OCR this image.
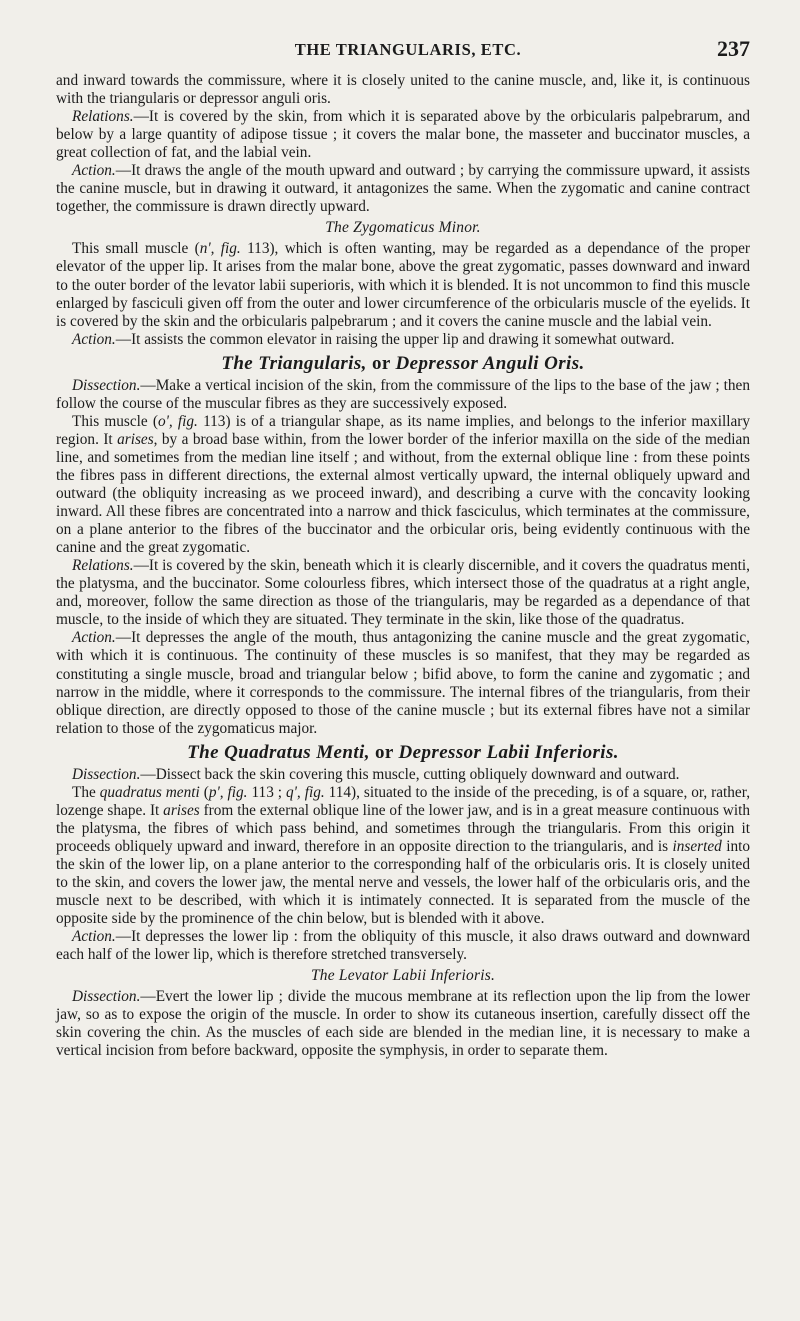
THE TRIANGULARIS, ETC.	237

and inward towards the commissure, where it is closely united to the canine muscle, and, like it, is continuous with the triangularis or depressor anguli oris.

Relations.—It is covered by the skin, from which it is separated above by the orbicularis palpebrarum, and below by a large quantity of adipose tissue ; it covers the malar bone, the masseter and buccinator muscles, a great collection of fat, and the labial vein.

Action.—It draws the angle of the mouth upward and outward ; by carrying the commissure upward, it assists the canine muscle, but in drawing it outward, it antagonizes the same. When the zygomatic and canine contract together, the commissure is drawn directly upward.

The Zygomaticus Minor.

This small muscle (n', fig. 113), which is often wanting, may be regarded as a dependance of the proper elevator of the upper lip. It arises from the malar bone, above the great zygomatic, passes downward and inward to the outer border of the levator labii superioris, with which it is blended. It is not uncommon to find this muscle enlarged by fasciculi given off from the outer and lower circumference of the orbicularis muscle of the eyelids. It is covered by the skin and the orbicularis palpebrarum ; and it covers the canine muscle and the labial vein.

Action.—It assists the common elevator in raising the upper lip and drawing it somewhat outward.

The Triangularis, or Depressor Anguli Oris.

Dissection.—Make a vertical incision of the skin, from the commissure of the lips to the base of the jaw ; then follow the course of the muscular fibres as they are successively exposed.

This muscle (o', fig. 113) is of a triangular shape, as its name implies, and belongs to the inferior maxillary region. It arises, by a broad base within, from the lower border of the inferior maxilla on the side of the median line, and sometimes from the median line itself ; and without, from the external oblique line : from these points the fibres pass in different directions, the external almost vertically upward, the internal obliquely upward and outward (the obliquity increasing as we proceed inward), and describing a curve with the concavity looking inward. All these fibres are concentrated into a narrow and thick fasciculus, which terminates at the commissure, on a plane anterior to the fibres of the buccinator and the orbicular oris, being evidently continuous with the canine and the great zygomatic.

Relations.—It is covered by the skin, beneath which it is clearly discernible, and it covers the quadratus menti, the platysma, and the buccinator. Some colourless fibres, which intersect those of the quadratus at a right angle, and, moreover, follow the same direction as those of the triangularis, may be regarded as a dependance of that muscle, to the inside of which they are situated. They terminate in the skin, like those of the quadratus.

Action.—It depresses the angle of the mouth, thus antagonizing the canine muscle and the great zygomatic, with which it is continuous. The continuity of these muscles is so manifest, that they may be regarded as constituting a single muscle, broad and triangular below ; bifid above, to form the canine and zygomatic ; and narrow in the middle, where it corresponds to the commissure. The internal fibres of the triangularis, from their oblique direction, are directly opposed to those of the canine muscle ; but its external fibres have not a similar relation to those of the zygomaticus major.

The Quadratus Menti, or Depressor Labii Inferioris.

Dissection.—Dissect back the skin covering this muscle, cutting obliquely downward and outward.

The quadratus menti (p', fig. 113 ; q', fig. 114), situated to the inside of the preceding, is of a square, or, rather, lozenge shape. It arises from the external oblique line of the lower jaw, and is in a great measure continuous with the platysma, the fibres of which pass behind, and sometimes through the triangularis. From this origin it proceeds obliquely upward and inward, therefore in an opposite direction to the triangularis, and is inserted into the skin of the lower lip, on a plane anterior to the corresponding half of the orbicularis oris. It is closely united to the skin, and covers the lower jaw, the mental nerve and vessels, the lower half of the orbicularis oris, and the muscle next to be described, with which it is intimately connected. It is separated from the muscle of the opposite side by the prominence of the chin below, but is blended with it above.

Action.—It depresses the lower lip : from the obliquity of this muscle, it also draws outward and downward each half of the lower lip, which is therefore stretched transversely.

The Levator Labii Inferioris.

Dissection.—Evert the lower lip ; divide the mucous membrane at its reflection upon the lip from the lower jaw, so as to expose the origin of the muscle. In order to show its cutaneous insertion, carefully dissect off the skin covering the chin. As the muscles of each side are blended in the median line, it is necessary to make a vertical incision from before backward, opposite the symphysis, in order to separate them.
